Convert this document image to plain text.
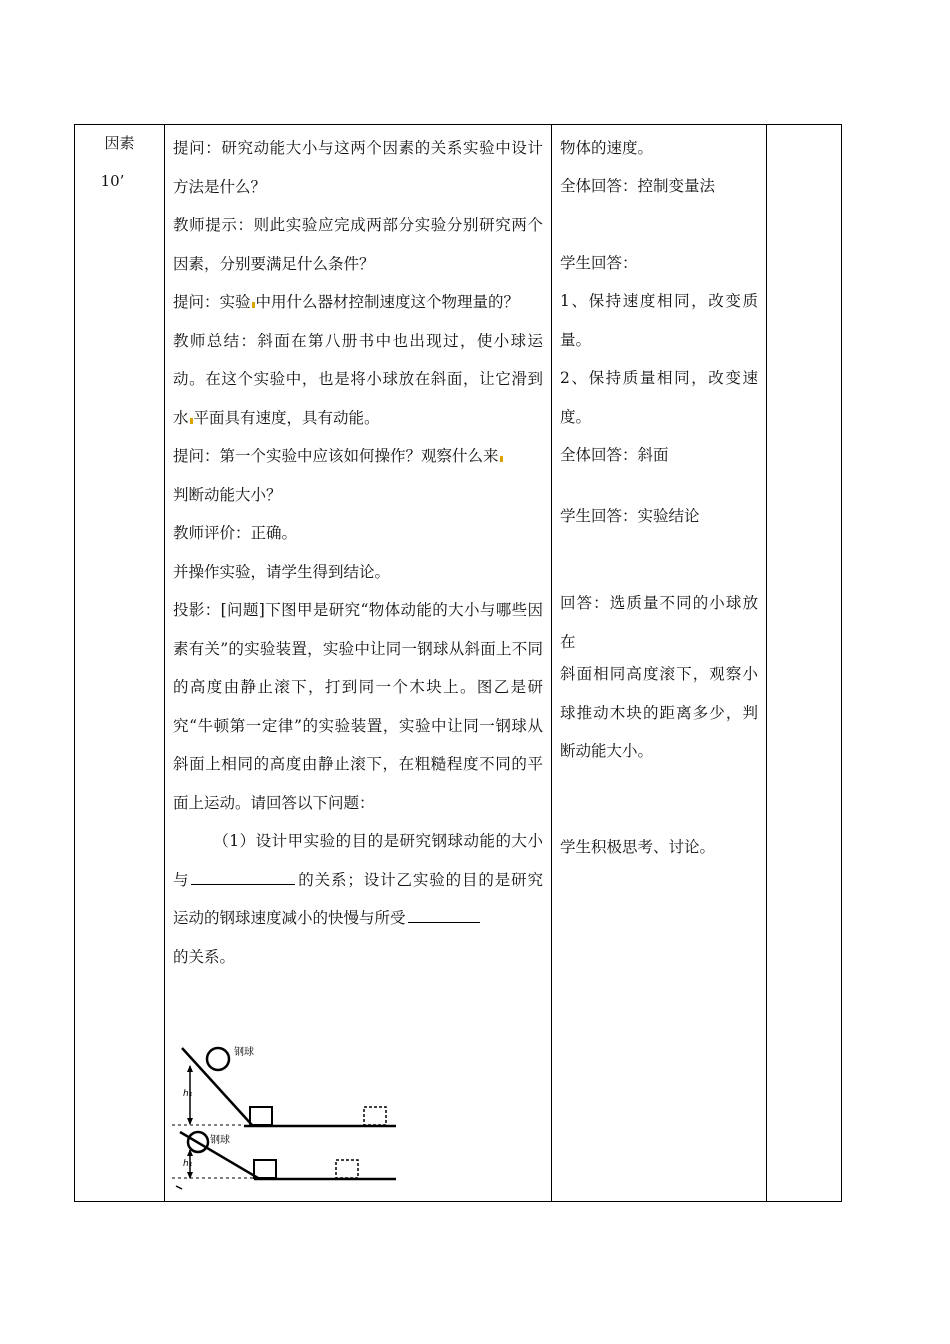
因素
10’

提问：研究动能大小与这两个因素的关系实验中设计方法是什么？

教师提示：则此实验应完成两部分实验分别研究两个因素，分别要满足什么条件？

提问：实验 中用什么器材控制速度这个物理量的？

教师总结：斜面在第八册书中也出现过，使小球运动。在这个实验中，也是将小球放在斜面，让它滑到水 平面具有速度，具有动能。

提问：第一个实验中应该如何操作？观察什么来
判断动能大小？

教师评价：正确。

并操作实验，请学生得到结论。

投影：[问题]下图甲是研究“物体动能的大小与哪些因素有关”的实验装置，实验中让同一钢球从斜面上不同的高度由静止滚下，打到同一个木块上。图乙是研究“牛顿第一定律”的实验装置，实验中让同一钢球从斜面上相同的高度由静止滚下，在粗糙程度不同的平面上运动。请回答以下问题：

（1）设计甲实验的目的是研究钢球动能的大小与	的关系；设计乙实验的目的是研究运动的钢球速度减小的快慢与所受
的关系。

物体的速度。

全体回答：控制变量法

学生回答：

1、保持速度相同，改变质量。

2、保持质量相同，改变速度。

全体回答：斜面

学生回答：实验结论

回答：选质量不同的小球放在

斜面相同高度滚下，观察小球推动木块的距离多少，判断动能大小。

学生积极思考、讨论。

钢球
h₁
钢球
h₁
